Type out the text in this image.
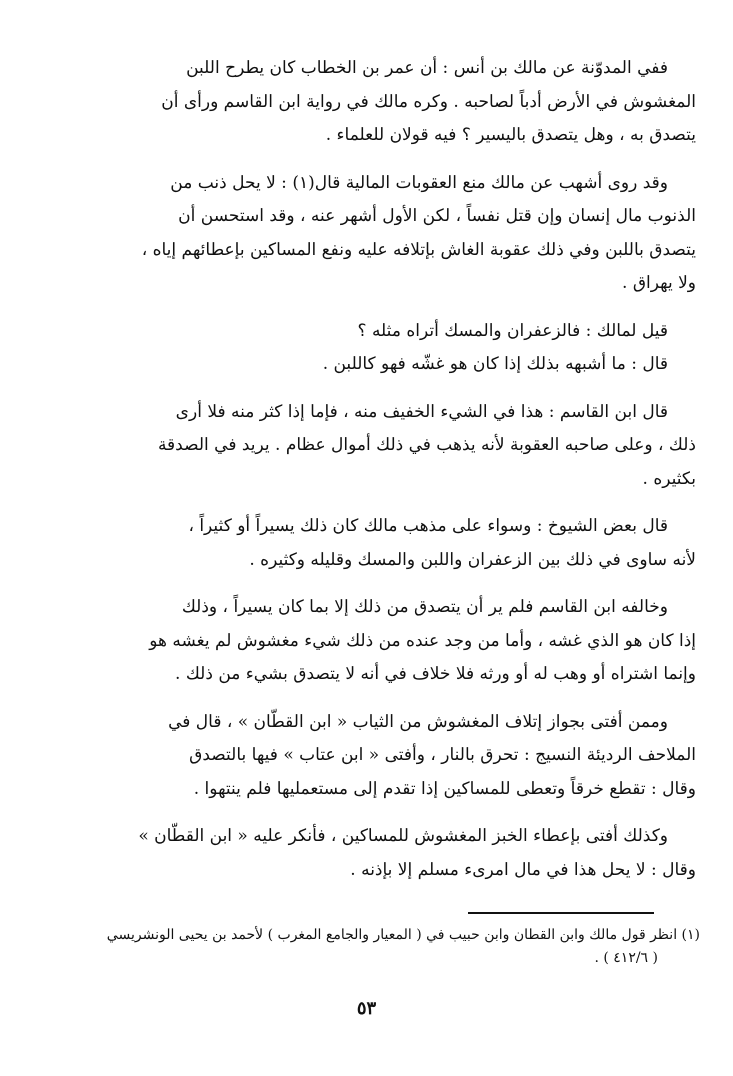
ففي المدوّنة عن مالك بن أنس : أن عمر بن الخطاب كان يطرح اللبن
المغشوش في الأرض أدباً لصاحبه . وكره مالك في رواية ابن القاسم ورأى أن
يتصدق به ، وهل يتصدق باليسير ؟ فيه قولان للعلماء .

وقد روى أشهب عن مالك منع العقوبات المالية قال(١) : لا يحل ذنب من
الذنوب مال إنسان وإن قتل نفساً ، لكن الأول أشهر عنه ، وقد استحسن أن
يتصدق باللبن وفي ذلك عقوبة الغاش بإتلافه عليه ونفع المساكين بإعطائهم إياه ،
ولا يهراق .

قيل لمالك : فالزعفران والمسك أتراه مثله ؟
قال : ما أشبهه بذلك إذا كان هو غشّه فهو كاللبن .

قال ابن القاسم : هذا في الشيء الخفيف منه ، فإما إذا كثر منه فلا أرى
ذلك ، وعلى صاحبه العقوبة لأنه يذهب في ذلك أموال عظام . يريد في الصدقة
بكثيره .

قال بعض الشيوخ : وسواء على مذهب مالك كان ذلك يسيراً أو كثيراً ،
لأنه ساوى في ذلك بين الزعفران واللبن والمسك وقليله وكثيره .

وخالفه ابن القاسم فلم ير أن يتصدق من ذلك إلا بما كان يسيراً ، وذلك
إذا كان هو الذي غشه ، وأما من وجد عنده من ذلك شيء مغشوش لم يغشه هو
وإنما اشتراه أو وهب له أو ورثه فلا خلاف في أنه لا يتصدق بشيء من ذلك .

وممن أفتى بجواز إتلاف المغشوش من الثياب « ابن القطّان » ، قال في
الملاحف الرديئة النسيج : تحرق بالنار ، وأفتى « ابن عتاب » فيها بالتصدق
وقال : تقطع خرقاً وتعطى للمساكين إذا تقدم إلى مستعمليها فلم ينتهوا .

وكذلك أفتى بإعطاء الخبز المغشوش للمساكين ، فأنكر عليه « ابن القطّان »
وقال : لا يحل هذا في مال امرىء مسلم إلا بإذنه .

(١) انظر قول مالك وابن القطان وابن حبيب في ( المعيار والجامع المغرب ) لأحمد بن يحيى الونشريسي
( ٤١٢/٦ ) .
٥٣
